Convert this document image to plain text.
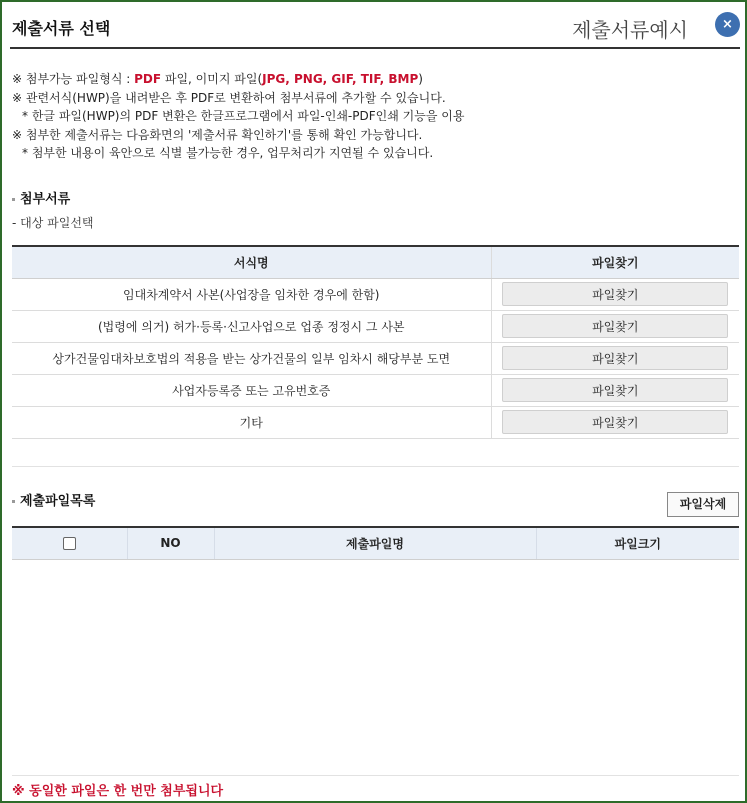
제출서류 선택	제출서류예시	×
※ 첨부가능 파일형식 : PDF 파일, 이미지 파일(JPG, PNG, GIF, TIF, BMP)
※ 관련서식(HWP)을 내려받은 후 PDF로 변환하여 첨부서류에 추가할 수 있습니다.
* 한글 파일(HWP)의 PDF 변환은 한글프로그램에서 파일-인쇄-PDF인쇄 기능을 이용
※ 첨부한 제출서류는 다음화면의 '제출서류 확인하기'를 통해 확인 가능합니다.
* 첨부한 내용이 육안으로 식별 불가능한 경우, 업무처리가 지연될 수 있습니다.
첨부서류
- 대상 파일선택
서식명	파일찾기
임대차계약서 사본(사업장을 임차한 경우에 한함)	파일찾기
(법령에 의거) 허가·등록·신고사업으로 업종 정정시 그 사본	파일찾기
상가건물임대차보호법의 적용을 받는 상가건물의 일부 임차시 해당부분 도면	파일찾기
사업자등록증 또는 고유번호증	파일찾기
기타	파일찾기
제출파일목록	파일삭제
	NO	제출파일명	파일크기
※ 동일한 파일은 한 번만 첨부됩니다
